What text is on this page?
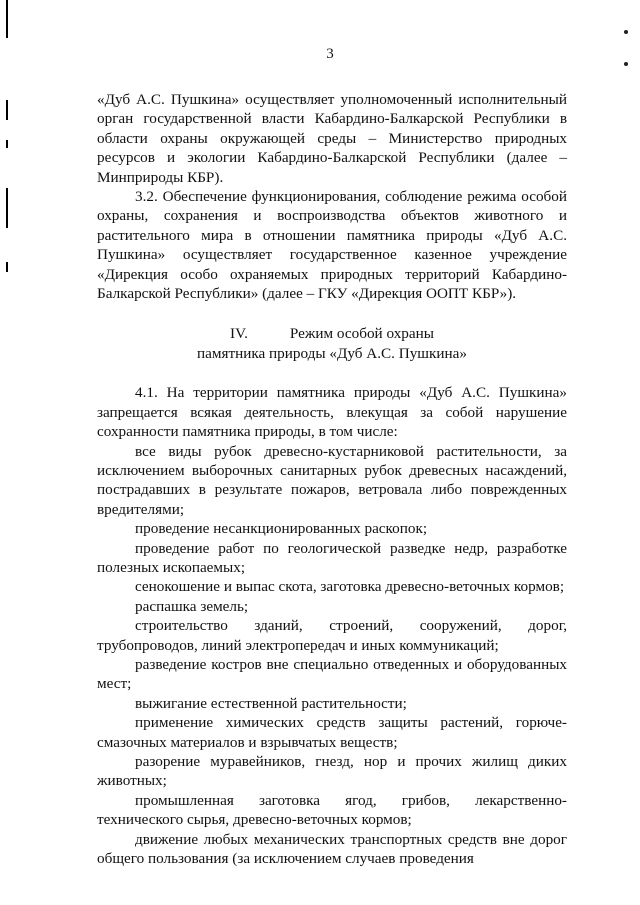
3

«Дуб А.С. Пушкина» осуществляет уполномоченный исполнительный орган государственной власти Кабардино-Балкарской Республики в области охраны окружающей среды – Министерство природных ресурсов и экологии Кабардино-Балкарской Республики (далее – Минприроды КБР).

3.2. Обеспечение функционирования, соблюдение режима особой охраны, сохранения и воспроизводства объектов животного и растительного мира в отношении памятника природы «Дуб А.С. Пушкина» осуществляет государственное казенное учреждение «Дирекция особо охраняемых природных территорий Кабардино-Балкарской Республики» (далее – ГКУ «Дирекция ООПТ КБР»).

IV.	Режим особой охраны
памятника природы «Дуб А.С. Пушкина»

4.1. На территории памятника природы «Дуб А.С. Пушкина» запрещается всякая деятельность, влекущая за собой нарушение сохранности памятника природы, в том числе:

все виды рубок древесно-кустарниковой растительности, за исключением выборочных санитарных рубок древесных насаждений, пострадавших в результате пожаров, ветровала либо поврежденных вредителями;

проведение несанкционированных раскопок;

проведение работ по геологической разведке недр, разработке полезных ископаемых;

сенокошение и выпас скота, заготовка древесно-веточных кормов;

распашка земель;

строительство зданий, строений, сооружений, дорог, трубопроводов, линий электропередач и иных коммуникаций;

разведение костров вне специально отведенных и оборудованных мест;

выжигание естественной растительности;

применение химических средств защиты растений, горюче-смазочных материалов и взрывчатых веществ;

разорение муравейников, гнезд, нор и прочих жилищ диких животных;

промышленная заготовка ягод, грибов, лекарственно-технического сырья, древесно-веточных кормов;

движение любых механических транспортных средств вне дорог общего пользования (за исключением случаев проведения
